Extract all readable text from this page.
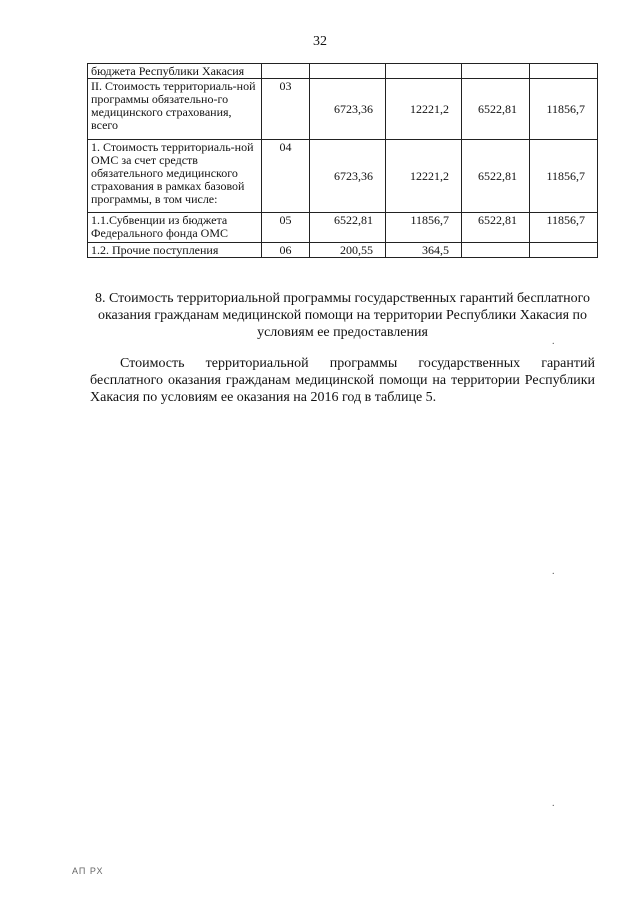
32
бюджета Республики Хакасия					
II. Стоимость территориаль-ной программы обязательно-го медицинского страхования, всего	03	6723,36	12221,2	6522,81	11856,7
1. Стоимость территориаль-ной ОМС за счет средств обязательного медицинского страхования в рамках базовой программы, в том числе:	04	6723,36	12221,2	6522,81	11856,7
1.1.Субвенции из бюджета Федерального фонда ОМС	05	6522,81	11856,7	6522,81	11856,7
1.2. Прочие поступления	06	200,55	364,5		
8. Стоимость территориальной программы государственных гарантий бесплатного оказания гражданам медицинской помощи на территории Республики Хакасия по условиям ее предоставления
Стоимость территориальной программы государственных гарантий бесплатного оказания гражданам медицинской помощи на территории Республики Хакасия по условиям ее оказания на 2016 год в таблице 5.
.
.
.
АП РХ
